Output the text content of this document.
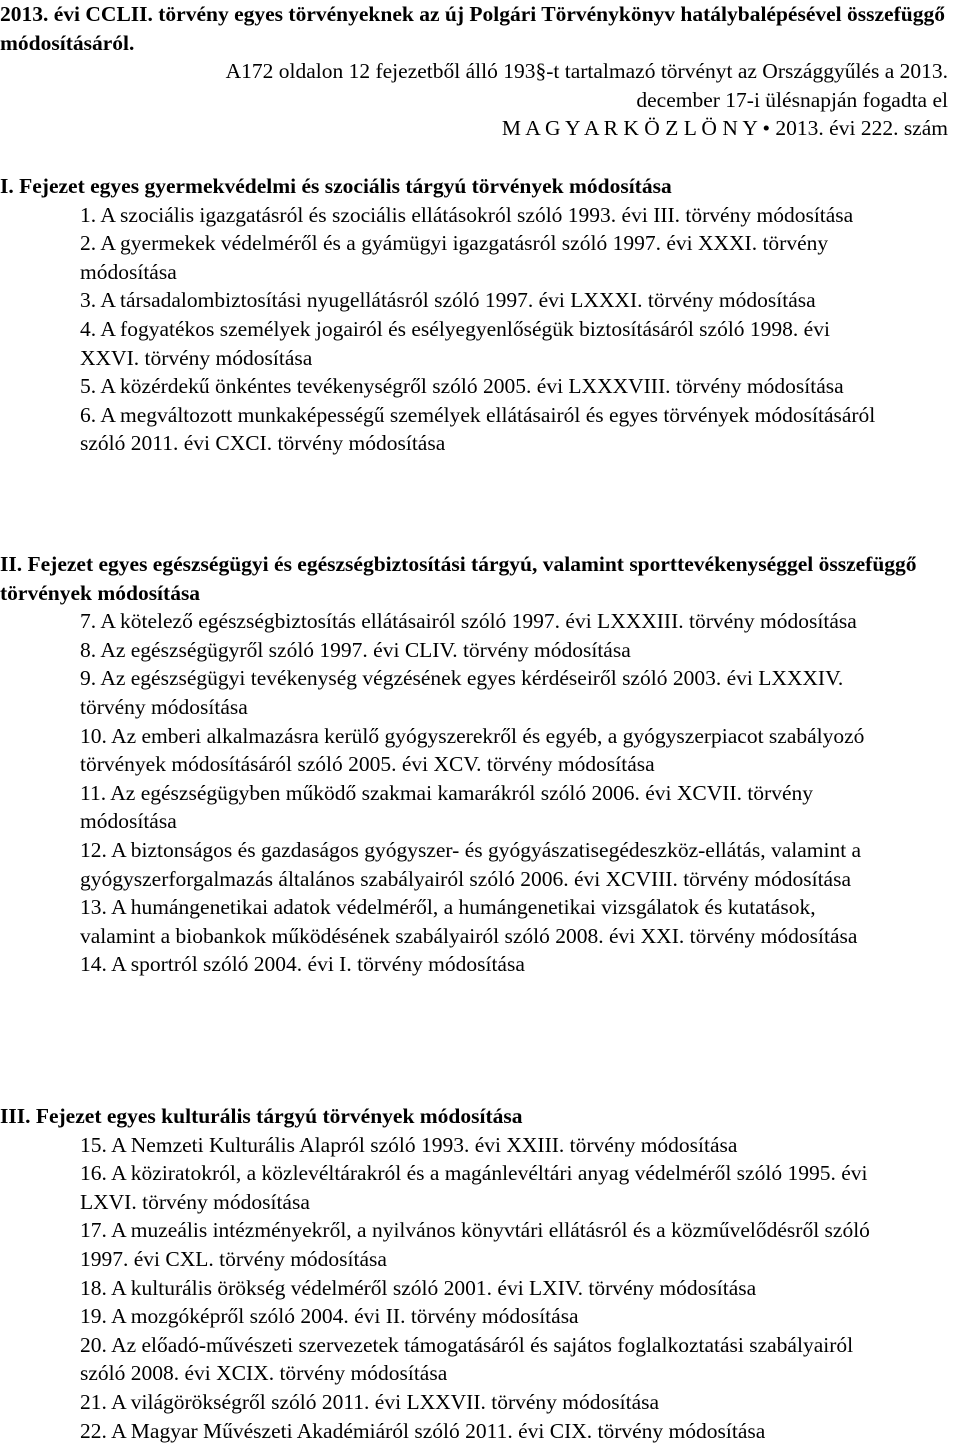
2013. évi CCLII. törvény egyes törvényeknek az új Polgári Törvénykönyv hatálybalépésével összefüggő módosításáról.

A172 oldalon 12 fejezetből álló 193§-t tartalmazó törvényt az Országgyűlés a 2013.
december 17-i ülésnapján fogadta el
M A G Y A R K Ö Z L Ö N Y • 2013. évi 222. szám

I. Fejezet egyes gyermekvédelmi és szociális tárgyú törvények módosítása

1. A szociális igazgatásról és szociális ellátásokról szóló 1993. évi III. törvény módosítása
2. A gyermekek védelméről és a gyámügyi igazgatásról szóló 1997. évi XXXI. törvény módosítása
3. A társadalombiztosítási nyugellátásról szóló 1997. évi LXXXI. törvény módosítása
4. A fogyatékos személyek jogairól és esélyegyenlőségük biztosításáról szóló 1998. évi XXVI. törvény módosítása
5. A közérdekű önkéntes tevékenységről szóló 2005. évi LXXXVIII. törvény módosítása
6. A megváltozott munkaképességű személyek ellátásairól és egyes törvények módosításáról szóló 2011. évi CXCI. törvény módosítása

II. Fejezet egyes egészségügyi és egészségbiztosítási tárgyú, valamint sporttevékenységgel összefüggő törvények módosítása

7. A kötelező egészségbiztosítás ellátásairól szóló 1997. évi LXXXIII. törvény módosítása
8. Az egészségügyről szóló 1997. évi CLIV. törvény módosítása
9. Az egészségügyi tevékenység végzésének egyes kérdéseiről szóló 2003. évi LXXXIV. törvény módosítása
10. Az emberi alkalmazásra kerülő gyógyszerekről és egyéb, a gyógyszerpiacot szabályozó törvények módosításáról szóló 2005. évi XCV. törvény módosítása
11. Az egészségügyben működő szakmai kamarákról szóló 2006. évi XCVII. törvény módosítása
12. A biztonságos és gazdaságos gyógyszer- és gyógyászatisegédeszköz-ellátás, valamint a gyógyszerforgalmazás általános szabályairól szóló 2006. évi XCVIII. törvény módosítása
13. A humángenetikai adatok védelméről, a humángenetikai vizsgálatok és kutatások, valamint a biobankok működésének szabályairól szóló 2008. évi XXI. törvény módosítása
14. A sportról szóló 2004. évi I. törvény módosítása

III. Fejezet egyes kulturális tárgyú törvények módosítása

15. A Nemzeti Kulturális Alapról szóló 1993. évi XXIII. törvény módosítása
16. A köziratokról, a közlevéltárakról és a magánlevéltári anyag védelméről szóló 1995. évi LXVI. törvény módosítása
17. A muzeális intézményekről, a nyilvános könyvtári ellátásról és a közművelődésről szóló 1997. évi CXL. törvény módosítása
18. A kulturális örökség védelméről szóló 2001. évi LXIV. törvény módosítása
19. A mozgóképről szóló 2004. évi II. törvény módosítása
20. Az előadó-művészeti szervezetek támogatásáról és sajátos foglalkoztatási szabályairól szóló 2008. évi XCIX. törvény módosítása
21. A világörökségről szóló 2011. évi LXXVII. törvény módosítása
22. A Magyar Művészeti Akadémiáról szóló 2011. évi CIX. törvény módosítása
